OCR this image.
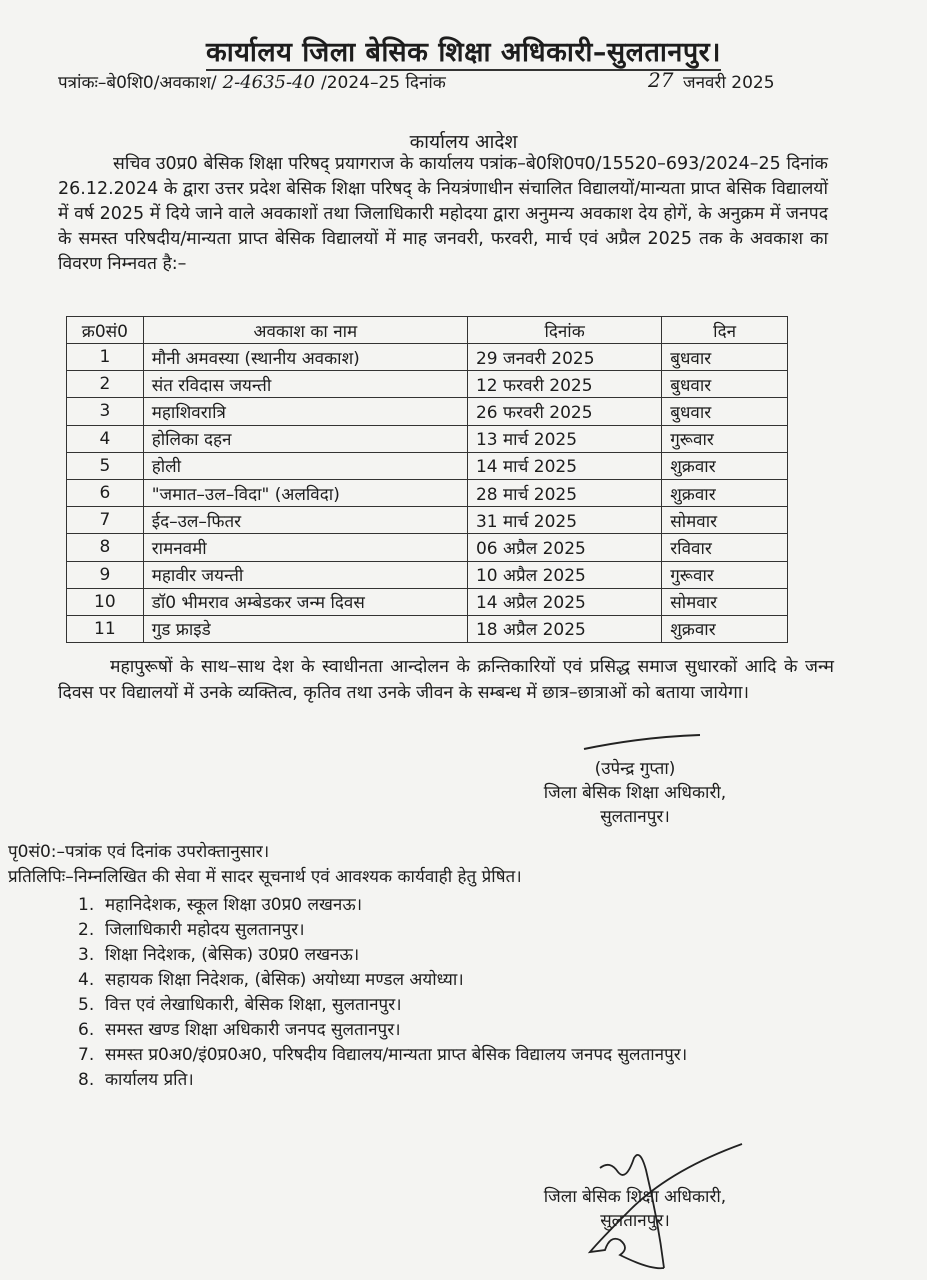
कार्यालय जिला बेसिक शिक्षा अधिकारी–सुलतानपुर।
पत्रांकः–बे0शि0/अवकाश/ 2-4635-40 /2024–25 दिनांक	27 जनवरी 2025
कार्यालय आदेश

सचिव उ0प्र0 बेसिक शिक्षा परिषद् प्रयागराज के कार्यालय पत्रांक–बे0शि0प0/15520–693/2024–25 दिनांक 26.12.2024 के द्वारा उत्तर प्रदेश बेसिक शिक्षा परिषद् के नियत्रंणाधीन संचालित विद्यालयों/मान्यता प्राप्त बेसिक विद्यालयों में वर्ष 2025 में दिये जाने वाले अवकाशों तथा जिलाधिकारी महोदया द्वारा अनुमन्य अवकाश देय होगें, के अनुक्रम में जनपद के समस्त परिषदीय/मान्यता प्राप्त बेसिक विद्यालयों में माह जनवरी, फरवरी, मार्च एवं अप्रैल 2025 तक के अवकाश का विवरण निम्नवत है:–

क्र0सं0	अवकाश का नाम	दिनांक	दिन
1	मौनी अमवस्या (स्थानीय अवकाश)	29 जनवरी 2025	बुधवार
2	संत रविदास जयन्ती	12 फरवरी 2025	बुधवार
3	महाशिवरात्रि	26 फरवरी 2025	बुधवार
4	होलिका दहन	13 मार्च 2025	गुरूवार
5	होली	14 मार्च 2025	शुक्रवार
6	"जमात–उल–विदा" (अलविदा)	28 मार्च 2025	शुक्रवार
7	ईद–उल–फितर	31 मार्च 2025	सोमवार
8	रामनवमी	06 अप्रैल 2025	रविवार
9	महावीर जयन्ती	10 अप्रैल 2025	गुरूवार
10	डॉ0 भीमराव अम्बेडकर जन्म दिवस	14 अप्रैल 2025	सोमवार
11	गुड फ्राइडे	18 अप्रैल 2025	शुक्रवार

महापुरूषों के साथ–साथ देश के स्वाधीनता आन्दोलन के क्रन्तिकारियों एवं प्रसिद्ध समाज सुधारकों आदि के जन्म दिवस पर विद्यालयों में उनके व्यक्तित्व, कृतिव तथा उनके जीवन के सम्बन्ध में छात्र–छात्राओं को बताया जायेगा।

(उपेन्द्र गुप्ता)
जिला बेसिक शिक्षा अधिकारी,
सुलतानपुर।
पृ0सं0:–पत्रांक एवं दिनांक उपरोक्तानुसार।
प्रतिलिपिः–निम्नलिखित की सेवा में सादर सूचनार्थ एवं आवश्यक कार्यवाही हेतु प्रेषित।
1. महानिदेशक, स्कूल शिक्षा उ0प्र0 लखनऊ।
2. जिलाधिकारी महोदय सुलतानपुर।
3. शिक्षा निदेशक, (बेसिक) उ0प्र0 लखनऊ।
4. सहायक शिक्षा निदेशक, (बेसिक) अयोध्या मण्डल अयोध्या।
5. वित्त एवं लेखाधिकारी, बेसिक शिक्षा, सुलतानपुर।
6. समस्त खण्ड शिक्षा अधिकारी जनपद सुलतानपुर।
7. समस्त प्र0अ0/इं0प्र0अ0, परिषदीय विद्यालय/मान्यता प्राप्त बेसिक विद्यालय जनपद सुलतानपुर।
8. कार्यालय प्रति।
जिला बेसिक शिक्षा अधिकारी,
सुलतानपुर।
